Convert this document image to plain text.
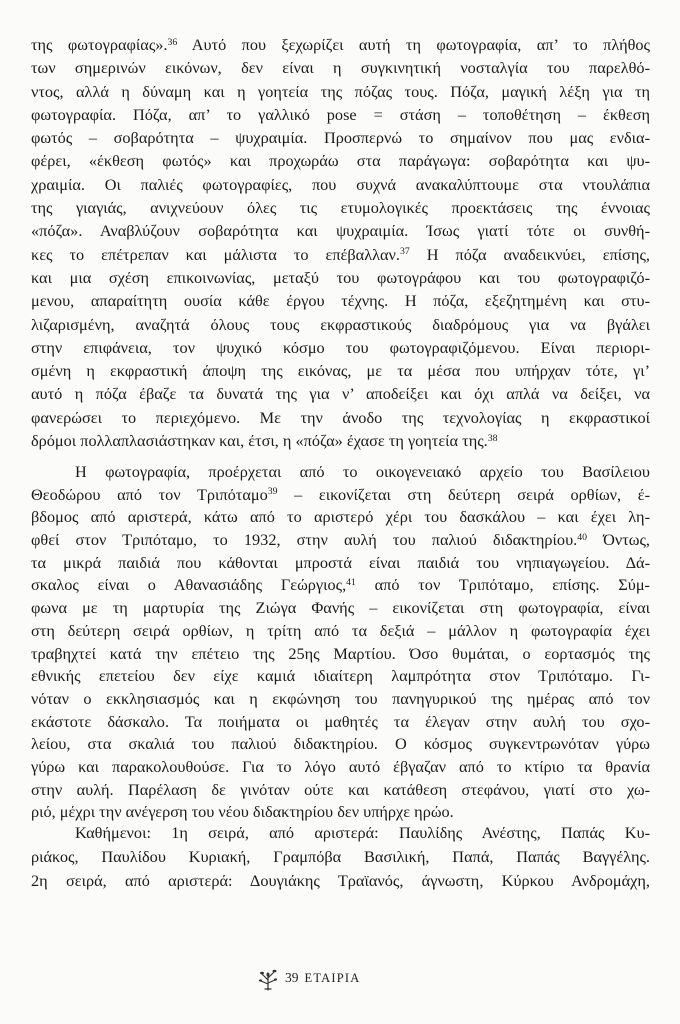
της φωτογραφίας».$^{36}$ Αυτό που ξεχωρίζει αυτή τη φωτογραφία, απ’ το πλήθος
των σημερινών εικόνων, δεν είναι η συγκινητική νοσταλγία του παρελθό-
ντος, αλλά η δύναμη και η γοητεία της πόζας τους. Πόζα, μαγική λέξη για τη
φωτογραφία. Πόζα, απ’ το γαλλικό pose = στάση – τοποθέτηση – έκθεση
φωτός – σοβαρότητα – ψυχραιμία. Προσπερνώ το σημαίνον που μας ενδια-
φέρει, «έκθεση φωτός» και προχωράω στα παράγωγα: σοβαρότητα και ψυ-
χραιμία. Οι παλιές φωτογραφίες, που συχνά ανακαλύπτουμε στα ντουλάπια
της γιαγιάς, ανιχνεύουν όλες τις ετυμολογικές προεκτάσεις της έννοιας
«πόζα». Αναβλύζουν σοβαρότητα και ψυχραιμία. Ίσως γιατί τότε οι συνθή-
κες το επέτρεπαν και μάλιστα το επέβαλλαν.$^{37}$ Η πόζα αναδεικνύει, επίσης,
και μια σχέση επικοινωνίας, μεταξύ του φωτογράφου και του φωτογραφιζό-
μενου, απαραίτητη ουσία κάθε έργου τέχνης. Η πόζα, εξεζητημένη και στυ-
λιζαρισμένη, αναζητά όλους τους εκφραστικούς διαδρόμους για να βγάλει
στην επιφάνεια, τον ψυχικό κόσμο του φωτογραφιζόμενου. Είναι περιορι-
σμένη η εκφραστική άποψη της εικόνας, με τα μέσα που υπήρχαν τότε, γι’
αυτό η πόζα έβαζε τα δυνατά της για ν’ αποδείξει και όχι απλά να δείξει, να
φανερώσει το περιεχόμενο. Με την άνοδο της τεχνολογίας η εκφραστικοί
δρόμοι πολλαπλασιάστηκαν και, έτσι, η «πόζα» έχασε τη γοητεία της.$^{38}$
Η φωτογραφία, προέρχεται από το οικογενειακό αρχείο του Βασίλειου
Θεοδώρου από τον Τριπόταμο$^{39}$ – εικονίζεται στη δεύτερη σειρά ορθίων, έ-
βδομος από αριστερά, κάτω από το αριστερό χέρι του δασκάλου – και έχει λη-
φθεί στον Τριπόταμο, το 1932, στην αυλή του παλιού διδακτηρίου.$^{40}$ Όντως,
τα μικρά παιδιά που κάθονται μπροστά είναι παιδιά του νηπιαγωγείου. Δά-
σκαλος είναι ο Αθανασιάδης Γεώργιος,$^{41}$ από τον Τριπόταμο, επίσης. Σύμ-
φωνα με τη μαρτυρία της Ζιώγα Φανής – εικονίζεται στη φωτογραφία, είναι
στη δεύτερη σειρά ορθίων, η τρίτη από τα δεξιά – μάλλον η φωτογραφία έχει
τραβηχτεί κατά την επέτειο της 25ης Μαρτίου. Όσο θυμάται, ο εορτασμός της
εθνικής επετείου δεν είχε καμιά ιδιαίτερη λαμπρότητα στον Τριπόταμο. Γι-
νόταν ο εκκλησιασμός και η εκφώνηση του πανηγυρικού της ημέρας από τον
εκάστοτε δάσκαλο. Τα ποιήματα οι μαθητές τα έλεγαν στην αυλή του σχο-
λείου, στα σκαλιά του παλιού διδακτηρίου. Ο κόσμος συγκεντρωνόταν γύρω
γύρω και παρακολουθούσε. Για το λόγο αυτό έβγαζαν από το κτίριο τα θρανία
στην αυλή. Παρέλαση δε γινόταν ούτε και κατάθεση στεφάνου, γιατί στο χω-
ριό, μέχρι την ανέγερση του νέου διδακτηρίου δεν υπήρχε ηρώο.
Καθήμενοι: 1η σειρά, από αριστερά: Παυλίδης Ανέστης, Παπάς Κυ-
ριάκος, Παυλίδου Κυριακή, Γραμπόβα Βασιλική, Παπά, Παπάς Βαγγέλης.
2η σειρά, από αριστερά: Δουγιάκης Τραϊανός, άγνωστη, Κύρκου Ανδρομάχη,
39 ΕΤΑΙΡΙΑ
